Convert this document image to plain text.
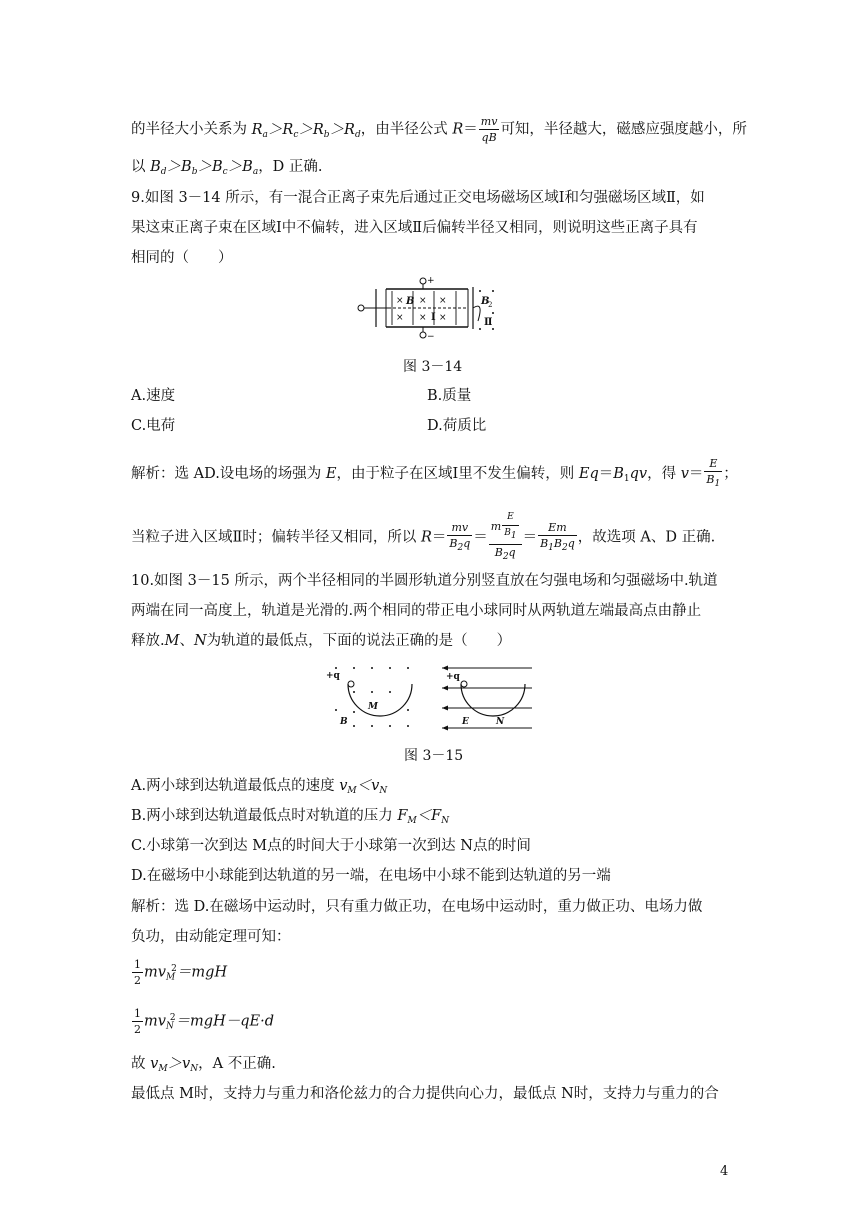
的半径大小关系为 $R_a>R_c>R_b>R_d$，由半径公式 $R= \frac{mv}{qB}$ 可知，半径越大，磁感应强度越小，所
以 $B_d>B_b>B_c>B_a$，D 正确.
9.如图 3－14 所示，有一混合正离子束先后通过正交电场磁场区域Ⅰ和匀强磁场区域Ⅱ，如
果这束正离子束在区域Ⅰ中不偏转，进入区域Ⅱ后偏转半径又相同，则说明这些正离子具有
相同的（　　）
× × ×
× × ×
B
I
+
−
B
2
Ⅱ
图 3－14
A.速度	B.质量
C.电荷	D.荷质比
解析：选 AD.设电场的场强为 E，由于粒子在区域Ⅰ里不发生偏转，则 $Eq=B_1qv$，得 $v= \frac{E}{B_1}$ ；
当粒子进入区域Ⅱ时；偏转半径又相同，所以 $R= \frac{mv}{B_2q} = \frac{m \frac{E}{B1}}{B_2q} = \frac{Em}{B_1B_2q}$ ，故选项 A、D 正确.
10.如图 3－15 所示，两个半径相同的半圆形轨道分别竖直放在匀强电场和匀强磁场中.轨道
两端在同一高度上，轨道是光滑的.两个相同的带正电小球同时从两轨道左端最高点由静止
释放.M、N为轨道的最低点，下面的说法正确的是（　　）
+q
M
B
+q
E	N
图 3－15
A.两小球到达轨道最低点的速度 $v_M<v_N$
B.两小球到达轨道最低点时对轨道的压力 $F_M<F_N$
C.小球第一次到达 M点的时间大于小球第一次到达 N点的时间
D.在磁场中小球能到达轨道的另一端，在电场中小球不能到达轨道的另一端
解析：选 D.在磁场中运动时，只有重力做正功，在电场中运动时，重力做正功、电场力做
负功，由动能定理可知：
$\frac{1}{2} mv_M^2=mgH$
$\frac{1}{2} mv_N^2=mgH-qE\cdot d$
故 $v_M>v_N$，A 不正确.
最低点 M时，支持力与重力和洛伦兹力的合力提供向心力，最低点 N时，支持力与重力的合
4
